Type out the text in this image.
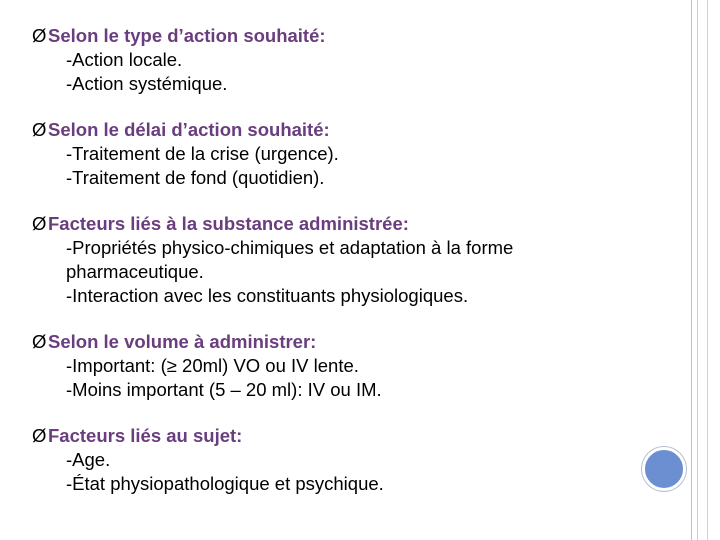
ØSelon le type d’action souhaité:
-Action locale.
-Action systémique.
ØSelon le délai d’action souhaité:
-Traitement de la crise (urgence).
-Traitement de fond (quotidien).
ØFacteurs liés à la substance administrée:
-Propriétés physico-chimiques et adaptation à la forme
pharmaceutique.
-Interaction avec les constituants physiologiques.
ØSelon le volume à administrer:
-Important: (≥ 20ml) VO ou IV lente.
-Moins important (5 – 20 ml): IV ou IM.
ØFacteurs liés au sujet:
-Age.
-État physiopathologique et psychique.
